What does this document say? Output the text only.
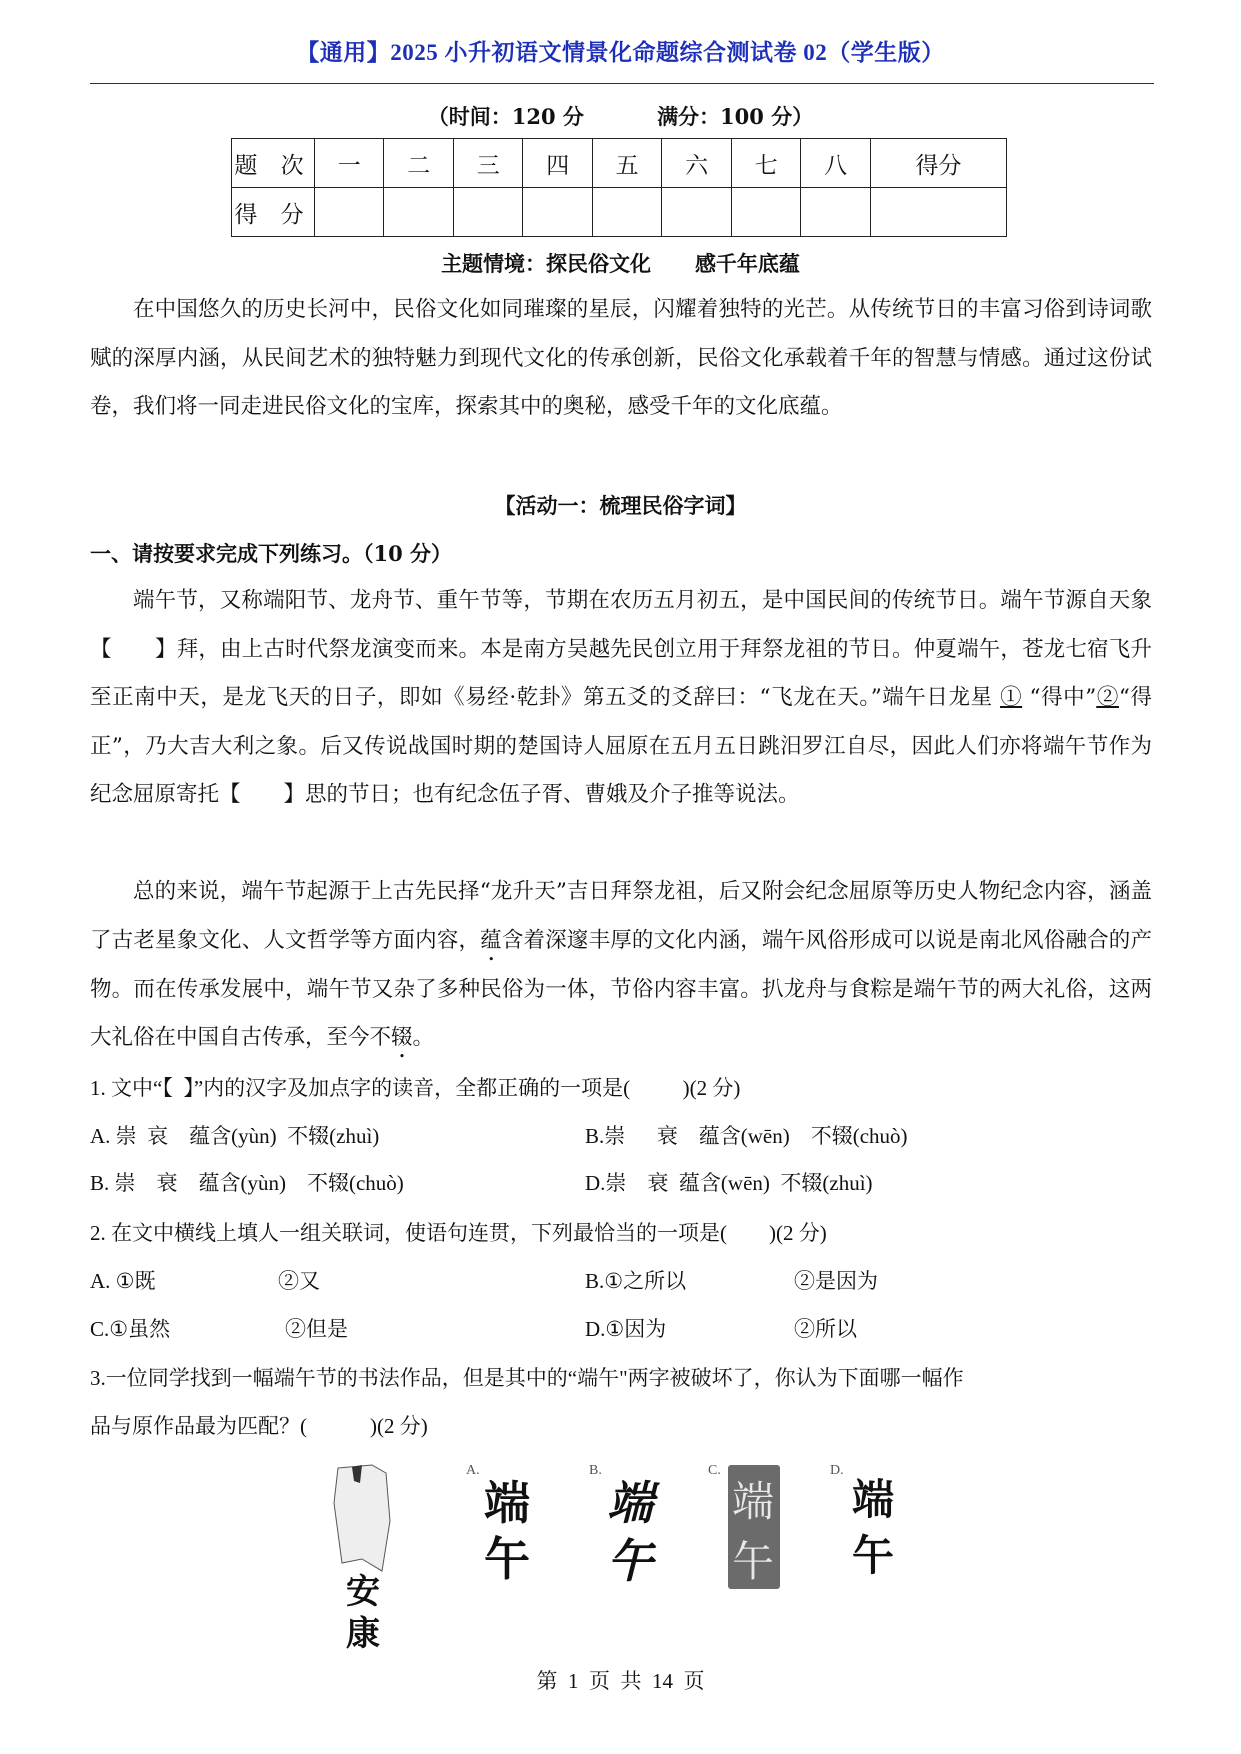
【通用】2025 小升初语文情景化命题综合测试卷 02（学生版）
（时间：120 分	满分：100 分）
题 次	一	二	三	四	五	六	七	八	得分
得 分									
主题情境：探民俗文化 感千年底蕴
在中国悠久的历史长河中，民俗文化如同璀璨的星辰，闪耀着独特的光芒。从传统节日的丰富习俗到诗词歌赋的深厚内涵，从民间艺术的独特魅力到现代文化的传承创新，民俗文化承载着千年的智慧与情感。通过这份试卷，我们将一同走进民俗文化的宝库，探索其中的奥秘，感受千年的文化底蕴。
【活动一：梳理民俗字词】
一、请按要求完成下列练习。（10 分）
端午节，又称端阳节、龙舟节、重午节等，节期在农历五月初五，是中国民间的传统节日。端午节源自天象【　　 】拜，由上古时代祭龙演变而来。本是南方吴越先民创立用于拜祭龙祖的节日。仲夏端午，苍龙七宿飞升至正南中天，是龙飞天的日子，即如《易经·乾卦》第五爻的爻辞曰：“飞龙在天。”端午日龙星 ① “得中”②“得正”，乃大吉大利之象。后又传说战国时期的楚国诗人屈原在五月五日跳汨罗江自尽，因此人们亦将端午节作为纪念屈原寄托【　　 】思的节日；也有纪念伍子胥、曹娥及介子推等说法。
总的来说，端午节起源于上古先民择“龙升天”吉日拜祭龙祖，后又附会纪念屈原等历史人物纪念内容，涵盖了古老星象文化、人文哲学等方面内容，蕴含着深邃丰厚的文化内涵，端午风俗形成可以说是南北风俗融合的产物。而在传承发展中，端午节又杂了多种民俗为一体，节俗内容丰富。扒龙舟与食粽是端午节的两大礼俗，这两大礼俗在中国自古传承，至今不辍。
1. 文中“【  】”内的汉字及加点字的读音，全都正确的一项是(          )(2 分)
A. 崇  哀    蕴含(yùn)  不辍(zhuì)	B.崇      衰    蕴含(wēn)    不辍(chuò)
B. 崇    衰    蕴含(yùn)    不辍(chuò)	D.崇    衰  蕴含(wēn)  不辍(zhuì)
2. 在文中横线上填人一组关联词，使语句连贯，下列最恰当的一项是(        )(2 分)
A. ①既	②又	B.①之所以	②是因为
C.①虽然	②但是	D.①因为	②所以
3.一位同学找到一幅端午节的书法作品，但是其中的“端午"两字被破坏了，你认为下面哪一幅作
品与原作品最为匹配？(            )(2 分)
安康
A.
端
午
B.
端
午
C.
端
午
D.
端
午
第  1  页  共  14  页
